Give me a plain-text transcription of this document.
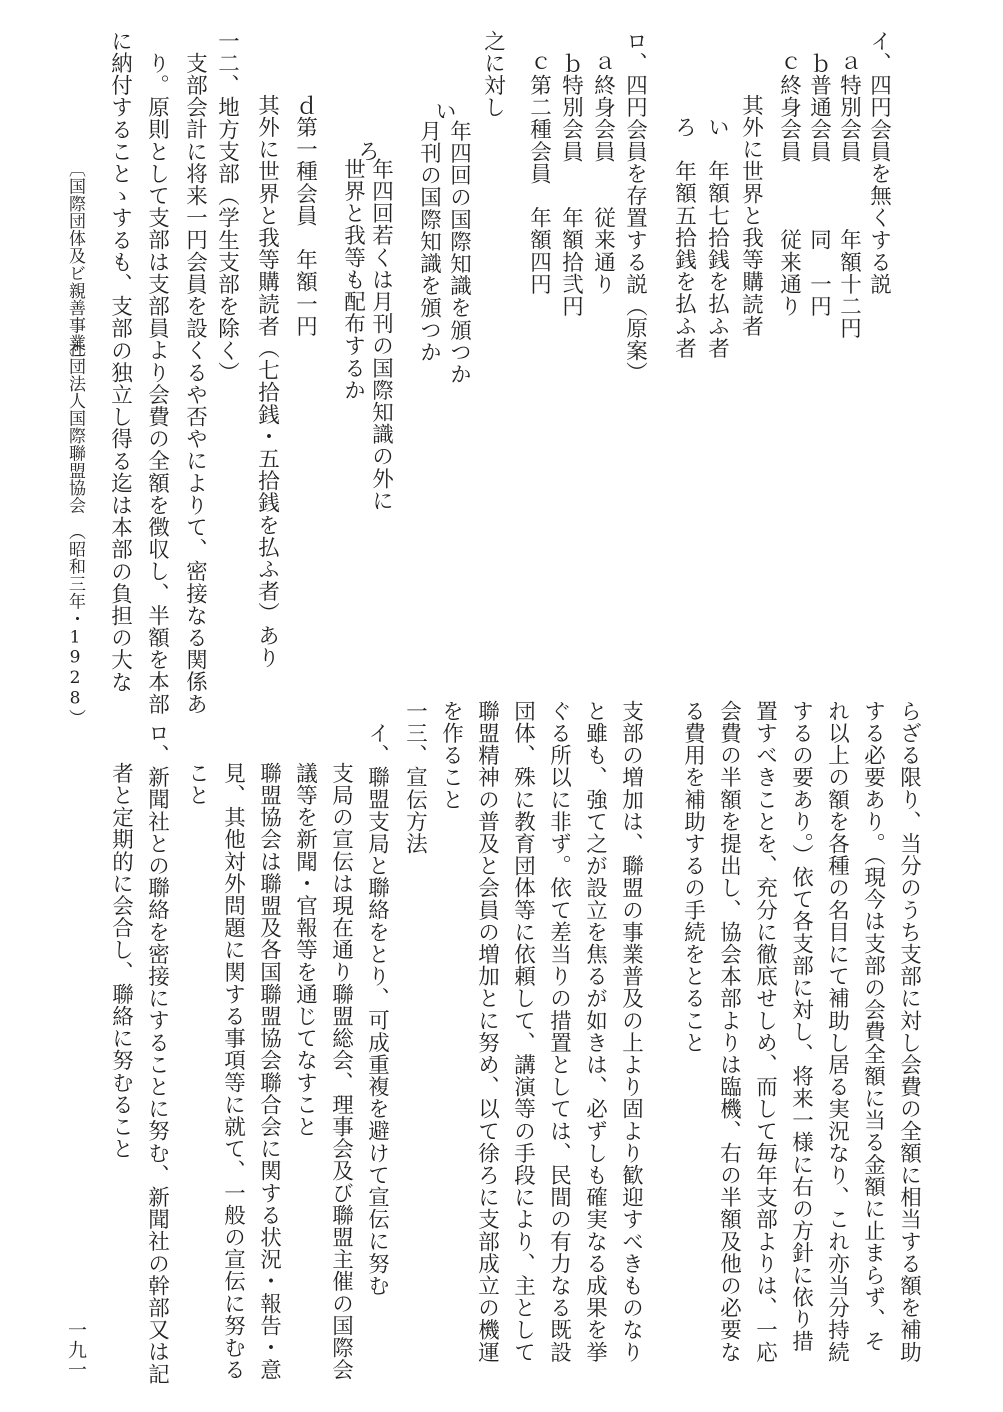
イ、四円会員を無くする説
ａ特別会員　　　年額十二円
ｂ普通会員　　　同　一円
ｃ終身会員　　　従来通り
其外に世界と我等購読者
い　年額七拾銭を払ふ者
ろ　年額五拾銭を払ふ者
ロ、四円会員を存置する説（原案）
ａ終身会員　　従来通り
ｂ特別会員　　年額拾弐円
ｃ第二種会員　年額四円
之に対し
年四回の国際知識を頒つか
い
月刊の国際知識を頒つか
年四回若くは月刊の国際知識の外に
ろ
世界と我等も配布するか
ｄ第一種会員　年額一円
其外に世界と我等購読者（七拾銭・五拾銭を払ふ者）あり
一二、地方支部（学生支部を除く）
支部会計に将来一円会員を設くるや否やによりて、密接なる関係あ
り。原則として支部は支部員より会費の全額を徴収し、半額を本部
に納付することゝするも、支部の独立し得る迄は本部の負担の大な
〔国際団体及ビ親善事業〕
社団法人国際聯盟協会　（昭和三年・1928）
らざる限り、当分のうち支部に対し会費の全額に相当する額を補助
する必要あり。（現今は支部の会費全額に当る金額に止まらず、そ
れ以上の額を各種の名目にて補助し居る実況なり、これ亦当分持続
するの要あり。）依て各支部に対し、将来一様に右の方針に依り措
置すべきことを、充分に徹底せしめ、而して毎年支部よりは、一応
会費の半額を提出し、協会本部よりは臨機、右の半額及他の必要な
る費用を補助するの手続をとること
支部の増加は、聯盟の事業普及の上より固より歓迎すべきものなり
と雖も、強て之が設立を焦るが如きは、必ずしも確実なる成果を挙
ぐる所以に非ず。依て差当りの措置としては、民間の有力なる既設
団体、殊に教育団体等に依頼して、講演等の手段により、主として
聯盟精神の普及と会員の増加とに努め、以て徐ろに支部成立の機運
を作ること
一三、宣伝方法
イ、聯盟支局と聯絡をとり、可成重複を避けて宣伝に努む
支局の宣伝は現在通り聯盟総会、理事会及び聯盟主催の国際会
議等を新聞・官報等を通じてなすこと
聯盟協会は聯盟及各国聯盟協会聯合会に関する状況・報告・意
見、其他対外問題に関する事項等に就て、一般の宣伝に努むる
こと
ロ、新聞社との聯絡を密接にすることに努む、新聞社の幹部又は記
者と定期的に会合し、聯絡に努むること
一九一
